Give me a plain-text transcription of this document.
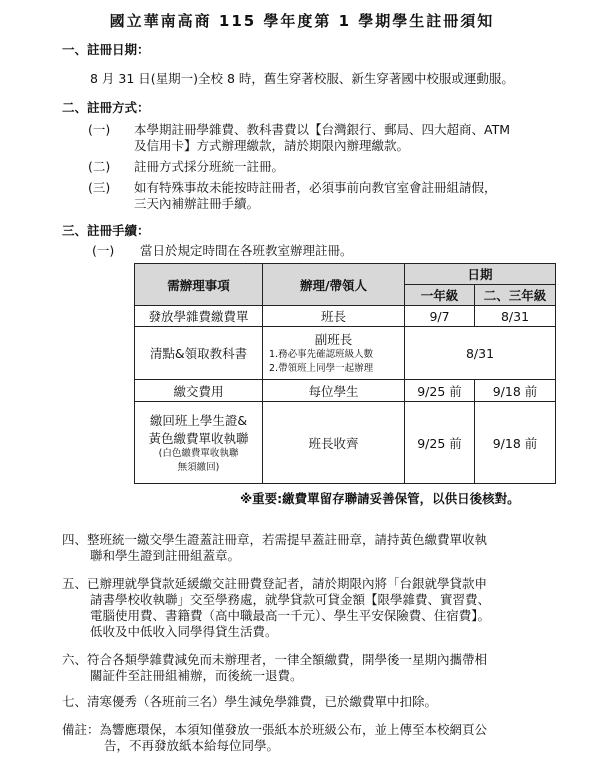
國立華南高商 115 學年度第 1 學期學生註冊須知
一、註冊日期：
8 月 31 日(星期一)全校 8 時，舊生穿著校服、新生穿著國中校服或運動服。
二、註冊方式：
(一) 本學期註冊學雜費、教科書費以【台灣銀行、郵局、四大超商、ATM
及信用卡】方式辦理繳款，請於期限內辦理繳款。
(二) 註冊方式採分班統一註冊。
(三) 如有特殊事故未能按時註冊者，必須事前向教官室會註冊組請假，
三天內補辦註冊手續。
三、註冊手續：
(一) 當日於規定時間在各班教室辦理註冊。
需辦理事項	辦理/帶領人	日期	
		一年級	二、三年級
發放學雜費繳費單	班長	9/7	8/31
清點&領取教科書	副班長
1.務必事先確認班級人數
2.帶領班上同學一起辦理	8/31	
繳交費用	每位學生	9/25 前	9/18 前

繳回班上學生證&
黃色繳費單收執聯
(白色繳費單收執聯
無須繳回)	班長收齊	9/25 前	9/18 前
※重要:繳費單留存聯請妥善保管，以供日後核對。
四、整班統一繳交學生證蓋註冊章，若需提早蓋註冊章，請持黃色繳費單收執
聯和學生證到註冊組蓋章。
五、已辦理就學貸款延緩繳交註冊費登記者，請於期限內將「台銀就學貸款申
請書學校收執聯」交至學務處，就學貸款可貸金額【限學雜費、實習費、
電腦使用費、書籍費（高中職最高一千元）、學生平安保險費、住宿費】。
低收及中低收入同學得貸生活費。
六、符合各類學雜費減免而未辦理者，一律全額繳費，開學後一星期內攜帶相
關証件至註冊組補辦，而後統一退費。
七、清寒優秀（各班前三名）學生減免學雜費，已於繳費單中扣除。
備註：為響應環保，本須知僅發放一張紙本於班級公布，並上傳至本校網頁公
告，不再發放紙本給每位同學。
